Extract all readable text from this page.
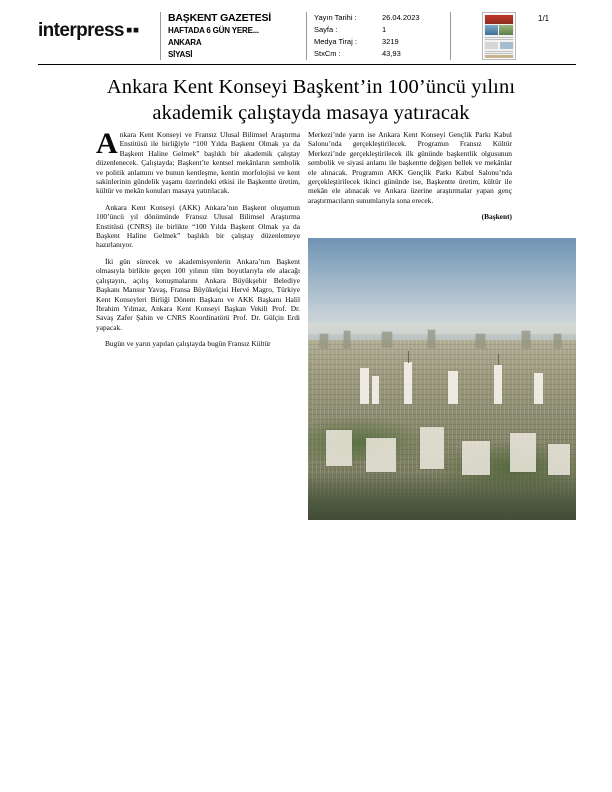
interpress ▪▪
BAŞKENT GAZETESİ
HAFTADA 6 GÜN YERE...
ANKARA
SİYASİ
Yayın Tarihi :	26.04.2023
Sayfa :	1
Medya Tiraj :	3219
StxCm :	43,93
1/1
Ankara Kent Konseyi Başkent’in 100’üncü yılını akademik çalıştayda masaya yatıracak

Ankara Kent Konseyi ve Fransız Ulusal Bilimsel Araştırma Enstitüsü ile birliğiyle “100 Yılda Başkent Olmak ya da Başkent Haline Gelmek” başlıklı bir akademik çalıştay düzenlenecek. Çalıştayda; Başkent’te kentsel mekânların sembolik ve politik anlamını ve bunun kentleşme, kentin morfolojisi ve kent sakinlerinin gündelik yaşamı üzerindeki etkisi ile Başkentte üretim, kültür ve mekân konuları masaya yatırılacak.

Ankara Kent Konseyi (AKK) Ankara’nın Başkent oluşumun 100’üncü yıl dönümünde Fransız Ulusal Bilimsel Araştırma Enstitüsü (CNRS) ile birlikte “100 Yılda Başkent Olmak ya da Başkent Haline Gelmek” başlıklı bir çalıştay düzenlemeye hazırlanıyor.

İki gün sürecek ve akademisyenlerin Ankara’nın Başkent olmasıyla birlikte geçen 100 yılının tüm boyutlarıyla ele alacağı çalıştayın, açılış konuşmalarını Ankara Büyükşehir Belediye Başkanı Mansur Yavaş, Fransa Büyükelçisi Hervé Magro, Türkiye Kent Konseyleri Birliği Dönem Başkanı ve AKK Başkanı Halil İbrahim Yılmaz, Ankara Kent Konseyi Başkan Vekili Prof. Dr. Savaş Zafer Şahin ve CNRS Koordinatörü Prof. Dr. Gülçin Erdi yapacak.

Bugün ve yarın yapılan çalıştayda bugün Fransız Kültür

Merkezi’nde yarın ise Ankara Kent Konseyi Gençlik Parkı Kabul Salonu’nda gerçekleştirilecek. Programın Fransız Kültür Merkezi’nde gerçekleştirilecek ilk gününde başkentlik olgusunun sembolik ve siyasi anlamı ile başkentte değişen bellek ve mekânlar ele alınacak. Programın AKK Gençlik Parkı Kabul Salonu’nda gerçekleştirilecek ikinci gününde ise, Başkentte üretim, kültür ile mekân ele alınacak ve Ankara üzerine araştırmalar yapan genç araştırmacıların sunumlarıyla sona erecek.

(Başkent)
